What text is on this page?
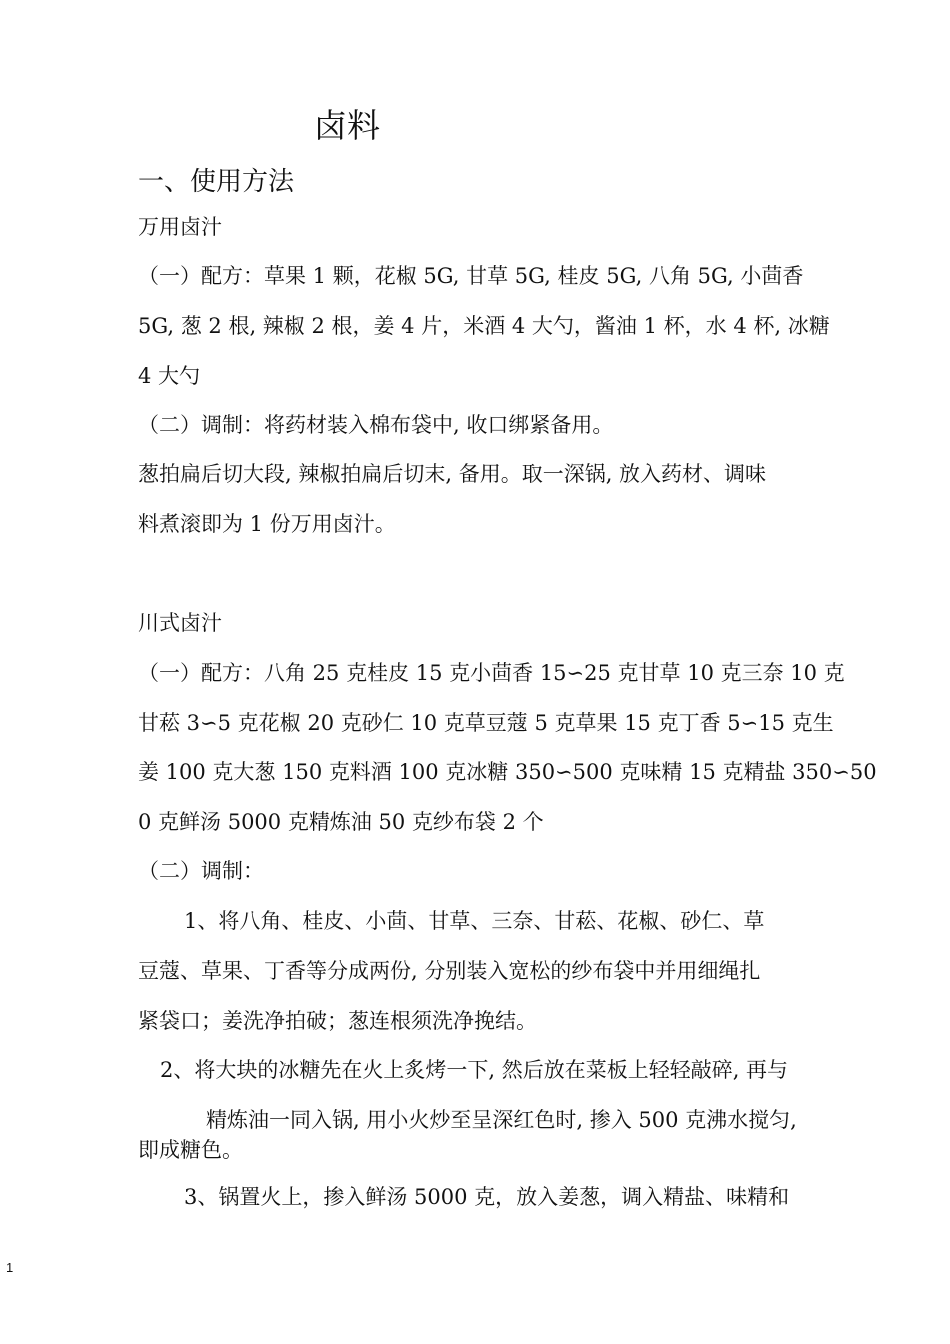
卤料
一、使用方法
万用卤汁
（一）配方：草果 1 颗，花椒 5G, 甘草 5G, 桂皮 5G, 八角 5G, 小茴香
5G, 葱 2 根, 辣椒 2 根，姜 4 片，米酒 4 大勺，酱油 1 杯，水 4 杯, 冰糖
4 大勺
（二）调制：将药材装入棉布袋中, 收口绑紧备用。
葱拍扁后切大段, 辣椒拍扁后切末, 备用。取一深锅, 放入药材、调味
料煮滚即为 1 份万用卤汁。
川式卤汁
（一）配方：八角 25 克桂皮 15 克小茴香 15∽25 克甘草 10 克三奈 10 克
甘菘 3∽5 克花椒 20 克砂仁 10 克草豆蔻 5 克草果 15 克丁香 5∽15 克生
姜 100 克大葱 150 克料酒 100 克冰糖 350∽500 克味精 15 克精盐 350∽50
0 克鲜汤 5000 克精炼油 50 克纱布袋 2 个
（二）调制：
1、将八角、桂皮、小茴、甘草、三奈、甘菘、花椒、砂仁、草
豆蔻、草果、丁香等分成两份, 分别装入宽松的纱布袋中并用细绳扎
紧袋口；姜洗净拍破；葱连根须洗净挽结。
2、将大块的冰糖先在火上炙烤一下, 然后放在菜板上轻轻敲碎, 再与
精炼油一同入锅, 用小火炒至呈深红色时, 掺入 500 克沸水搅匀,
即成糖色。
3、锅置火上，掺入鲜汤 5000 克，放入姜葱，调入精盐、味精和
1
